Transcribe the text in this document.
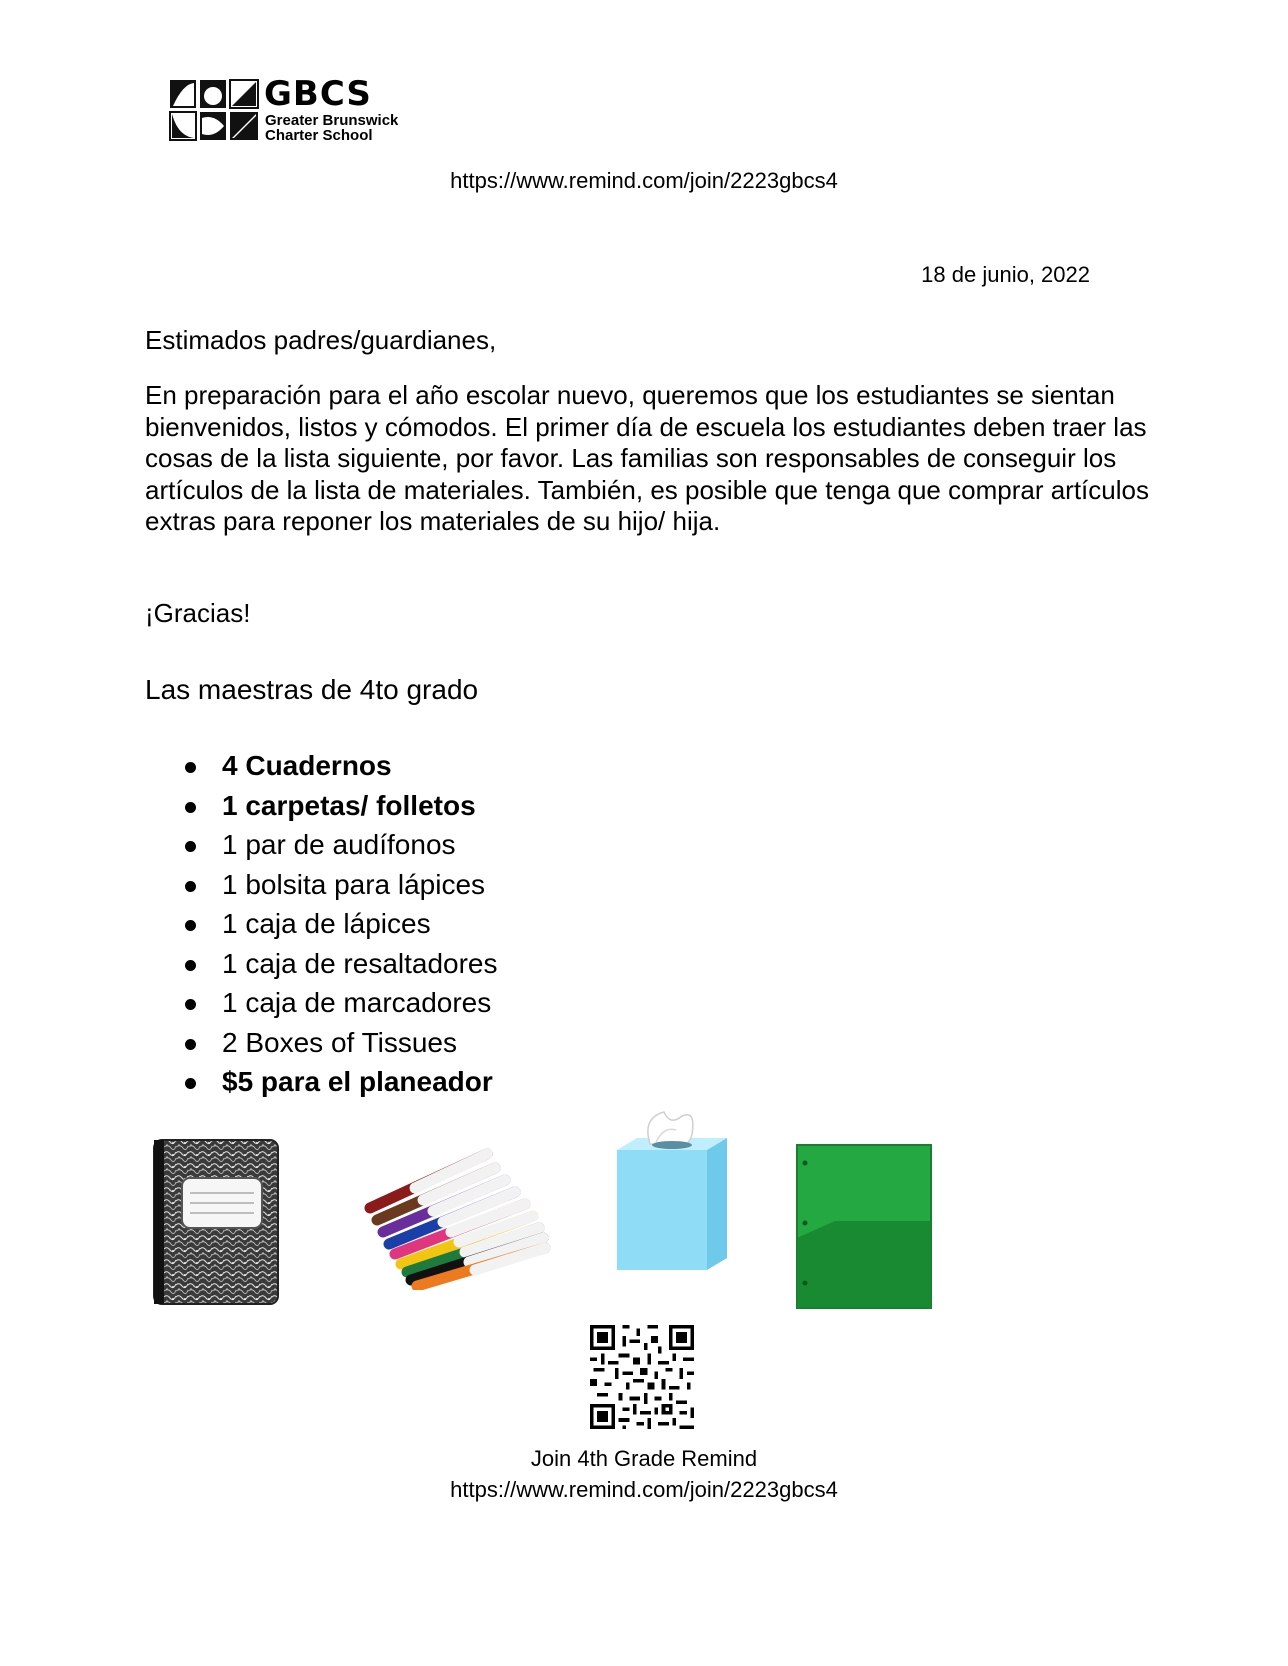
GBCS
Greater Brunswick
Charter School
https://www.remind.com/join/2223gbcs4
18 de junio, 2022
Estimados padres/guardianes,
En preparación para el año escolar nuevo, queremos que los estudiantes se sientan bienvenidos, listos y cómodos. El primer día de escuela los estudiantes deben traer las cosas de la lista siguiente, por favor. Las familias son responsables de conseguir los artículos de la lista de materiales. También, es posible que tenga que comprar artículos extras para reponer los materiales de su hijo/ hija.
¡Gracias!
Las maestras de 4to grado
4 Cuadernos
1 carpetas/ folletos
1 par de audífonos
1 bolsita para lápices
1 caja de lápices
1 caja de resaltadores
1 caja de marcadores
2 Boxes of Tissues
$5 para el planeador
Join 4th Grade Remind
https://www.remind.com/join/2223gbcs4
